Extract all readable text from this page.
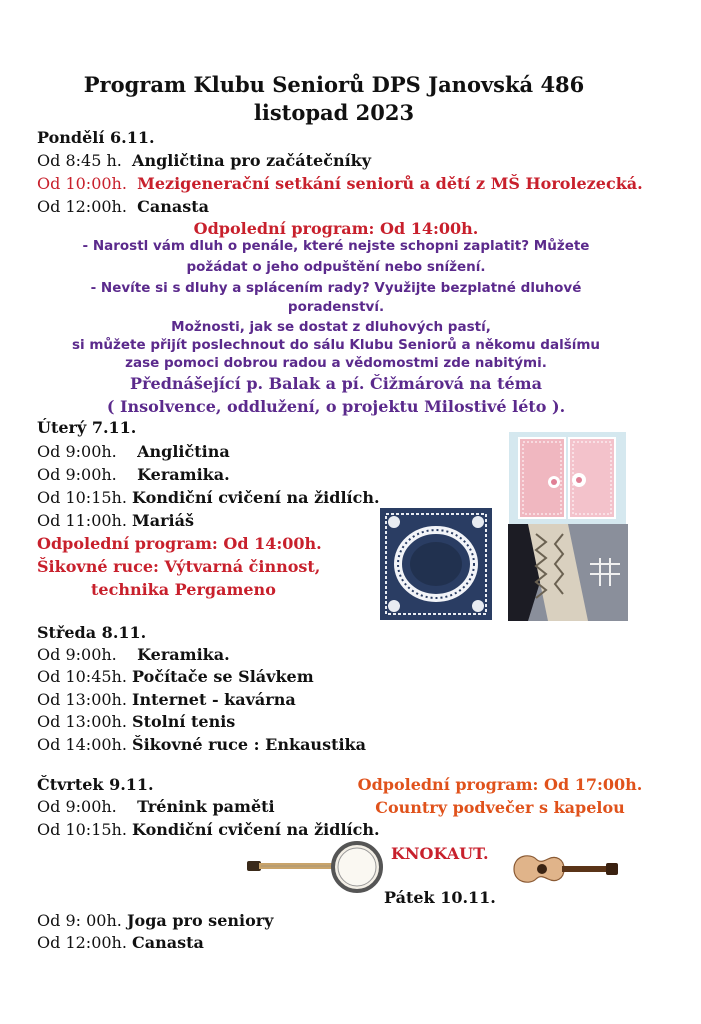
Program Klubu Seniorů DPS Janovská 486
listopad 2023
Pondělí 6.11.
Od 8:45 h. Angličtina pro začátečníky
Od 10:00h. Mezigenerační setkání seniorů a dětí z MŠ Horolezecká.
Od 12:00h. Canasta
Odpolední program: Od 14:00h.
- Narostl vám dluh o penále, které nejste schopni zaplatit? Můžete
požádat o jeho odpuštění nebo snížení.
- Nevíte si s dluhy a splácením rady? Využijte bezplatné dluhové
poradenství.
Možnosti, jak se dostat z dluhových pastí,
si můžete přijít poslechnout do sálu Klubu Seniorů a někomu dalšímu
zase pomoci dobrou radou a vědomostmi zde nabitými.
Přednášející p. Balak a pí. Čižmárová na téma
( Insolvence, oddlužení, o projektu Milostivé léto ).
Úterý 7.11.
Od 9:00h. Angličtina
Od 9:00h. Keramika.
Od 10:15h. Kondiční cvičení na židlích.
Od 11:00h. Mariáš
Odpolední program: Od 14:00h.
Šikovné ruce: Výtvarná činnost,
technika Pergameno
Středa 8.11.
Od 9:00h. Keramika.
Od 10:45h. Počítače se Slávkem
Od 13:00h. Internet - kavárna
Od 13:00h. Stolní tenis
Od 14:00h. Šikovné ruce : Enkaustika
Čtvrtek 9.11.
Od 9:00h. Trénink paměti
Od 10:15h. Kondiční cvičení na židlích.
Odpolední program: Od 17:00h.
Country podvečer s kapelou
KNOKAUT.
Pátek 10.11.
Od 9: 00h. Joga pro seniory
Od 12:00h. Canasta
